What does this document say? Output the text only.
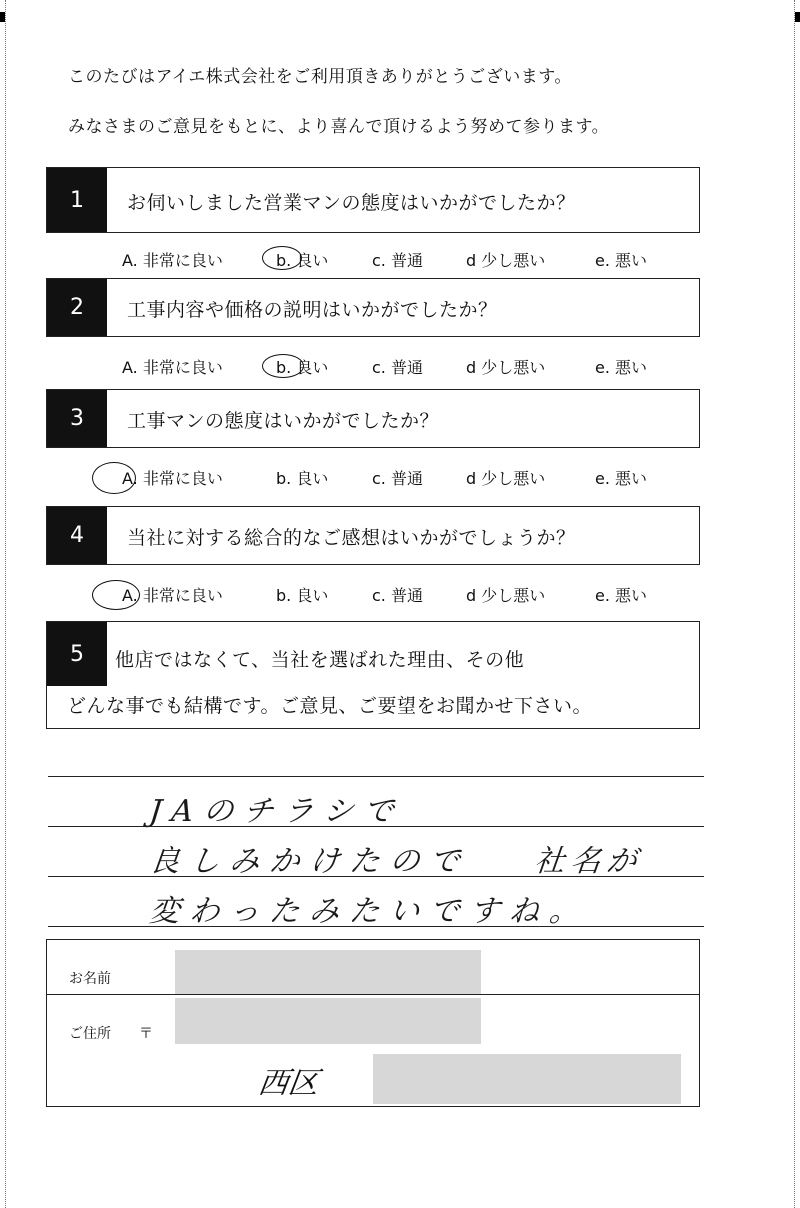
このたびはアイエ株式会社をご利用頂きありがとうございます。
みなさまのご意見をもとに、より喜んで頂けるよう努めて参ります。
1	お伺いしました営業マンの態度はいかがでしたか？
A. 非常に良い	b. 良い	c. 普通	d 少し悪い	e. 悪い
2	工事内容や価格の説明はいかがでしたか？
A. 非常に良い	b. 良い	c. 普通	d 少し悪い	e. 悪い
3	工事マンの態度はいかがでしたか？
A. 非常に良い	b. 良い	c. 普通	d 少し悪い	e. 悪い
4	当社に対する総合的なご感想はいかがでしょうか？
A. 非常に良い	b. 良い	c. 普通	d 少し悪い	e. 悪い
5	他店ではなくて、当社を選ばれた理由、その他
どんな事でも結構です。ご意見、ご要望をお聞かせ下さい。
JAのチラシで
良しみかけたので 社名が
変わったみたいですね。
お名前
ご住所 〒
西区
